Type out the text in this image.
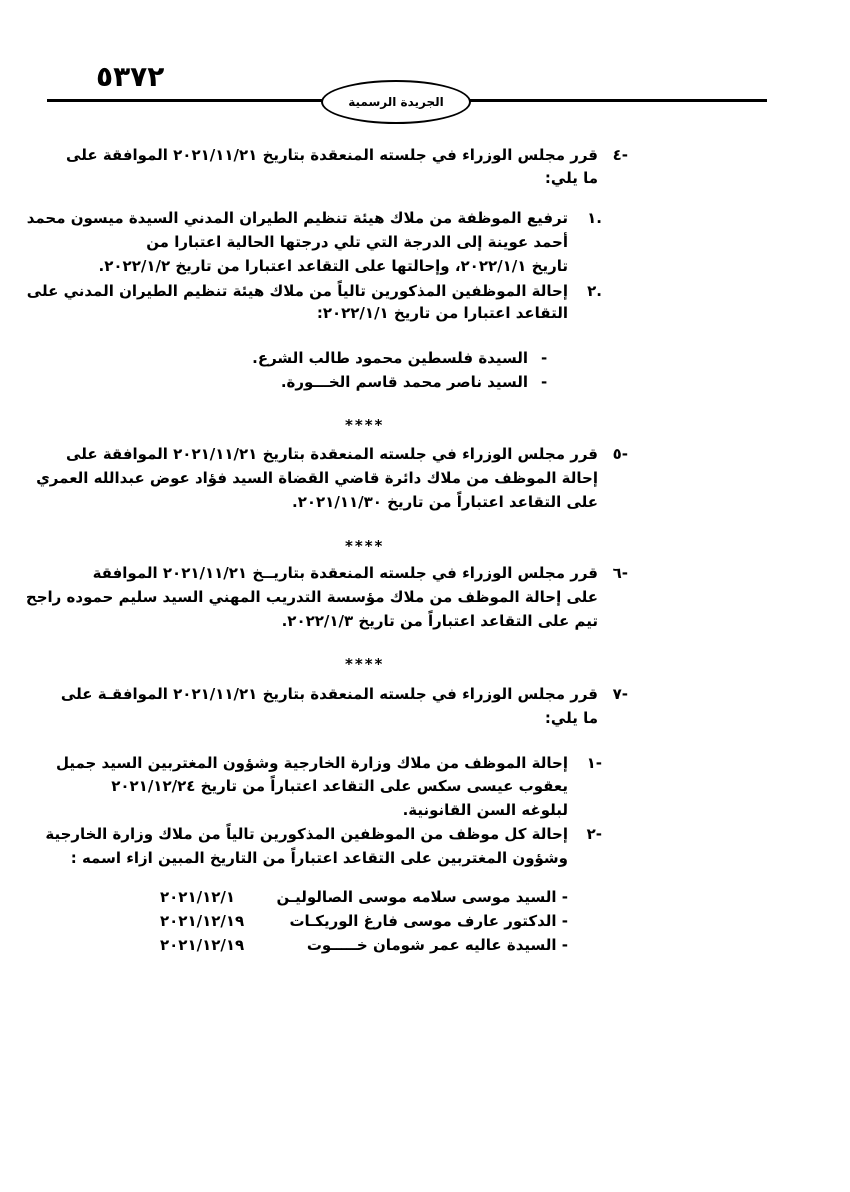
٥٣٧٢
الجريدة الرسمية
٤-
قرر مجلس الوزراء في جلسته المنعقدة بتاريخ ٢٠٢١/١١/٢١ الموافقة على
ما يلي:
١.
ترفيع الموظفة من ملاك هيئة تنظيم الطيران المدني السيدة ميسون محمد
أحمد عوينة إلى الدرجة التي تلي درجتها الحالية اعتبارا من
تاريخ ٢٠٢٢/١/١، وإحالتها على التقاعد اعتبارا من تاريخ ٢٠٢٢/١/٢.
٢.
إحالة الموظفين المذكورين تالياً من ملاك هيئة تنظيم الطيران المدني على
التقاعد اعتبارا من تاريخ ٢٠٢٢/١/١:
-
السيدة فلسطين محمود طالب الشرع.
-
السيد ناصر محمد قاسم الخـــورة.
****
٥-
قرر مجلس الوزراء في جلسته المنعقدة بتاريخ ٢٠٢١/١١/٢١ الموافقة على
إحالة الموظف من ملاك دائرة قاضي القضاة السيد فؤاد عوض عبدالله العمري
على التقاعد اعتباراً من تاريخ ٢٠٢١/١١/٣٠.
****
٦-
قرر مجلس الوزراء في جلسته المنعقدة بتاريــخ ٢٠٢١/١١/٢١ الموافقة
على إحالة الموظف من ملاك مؤسسة التدريب المهني السيد سليم حموده راجح
تيم على التقاعد اعتباراً من تاريخ ٢٠٢٢/١/٣.
****
٧-
قرر مجلس الوزراء في جلسته المنعقدة بتاريخ ٢٠٢١/١١/٢١ الموافقـة على
ما يلي:
١-
إحالة الموظف من ملاك وزارة الخارجية وشؤون المغتربين السيد جميل
يعقوب عيسى سكس على التقاعد اعتباراً من تاريخ ٢٠٢١/١٢/٢٤
لبلوغه السن القانونية.
٢-
إحالة كل موظف من الموظفين المذكورين تالياً من ملاك وزارة الخارجية
وشؤون المغتربين على التقاعد اعتباراً من التاريخ المبين ازاء اسمه :
- السيد موسى سلامه موسى الصالوليـن
٢٠٢١/١٢/١
- الدكتور عارف موسى فارغ الوريكـات
٢٠٢١/١٢/١٩
- السيدة عاليه عمر شومان خـــــوت
٢٠٢١/١٢/١٩
